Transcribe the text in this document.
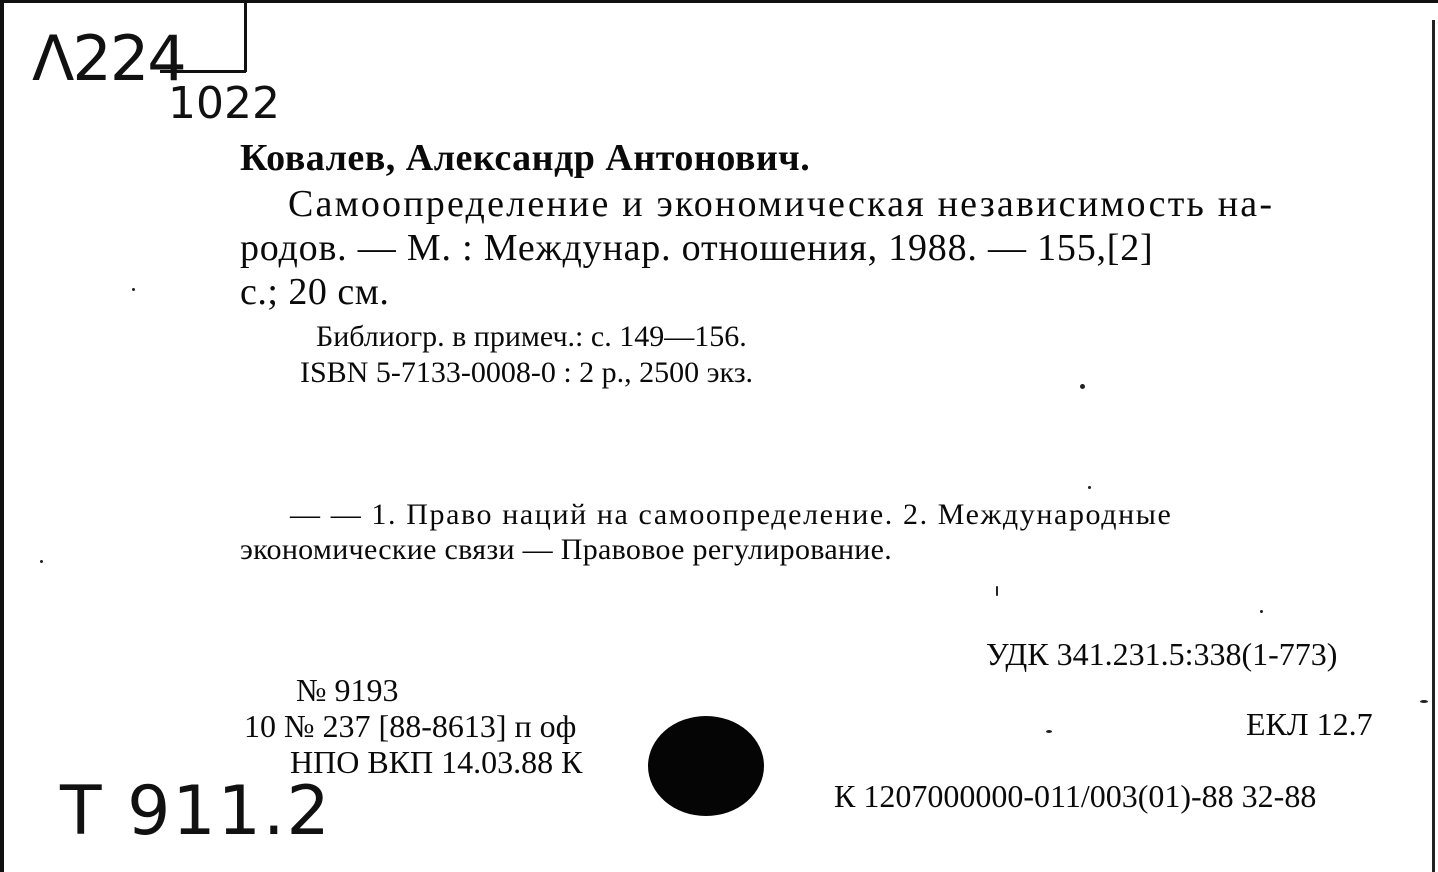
Λ224
1022
Ковалев, Александр Антонович.
Самоопределение и экономическая независимость на-
родов. — М. : Междунар. отношения, 1988. — 155,[2]
с.; 20 см.
Библиогр. в примеч.: с. 149—156.
ISBN 5-7133-0008-0 : 2 р., 2500 экз.
— — 1. Право наций на самоопределение. 2. Международные
экономические связи — Правовое регулирование.
УДК 341.231.5:338(1-773)
№ 9193
10 № 237 [88-8613] п оф	ЕКЛ 12.7
НПО ВКП 14.03.88 К
К 1207000000-011/003(01)-88 32-88
Т 911.2
